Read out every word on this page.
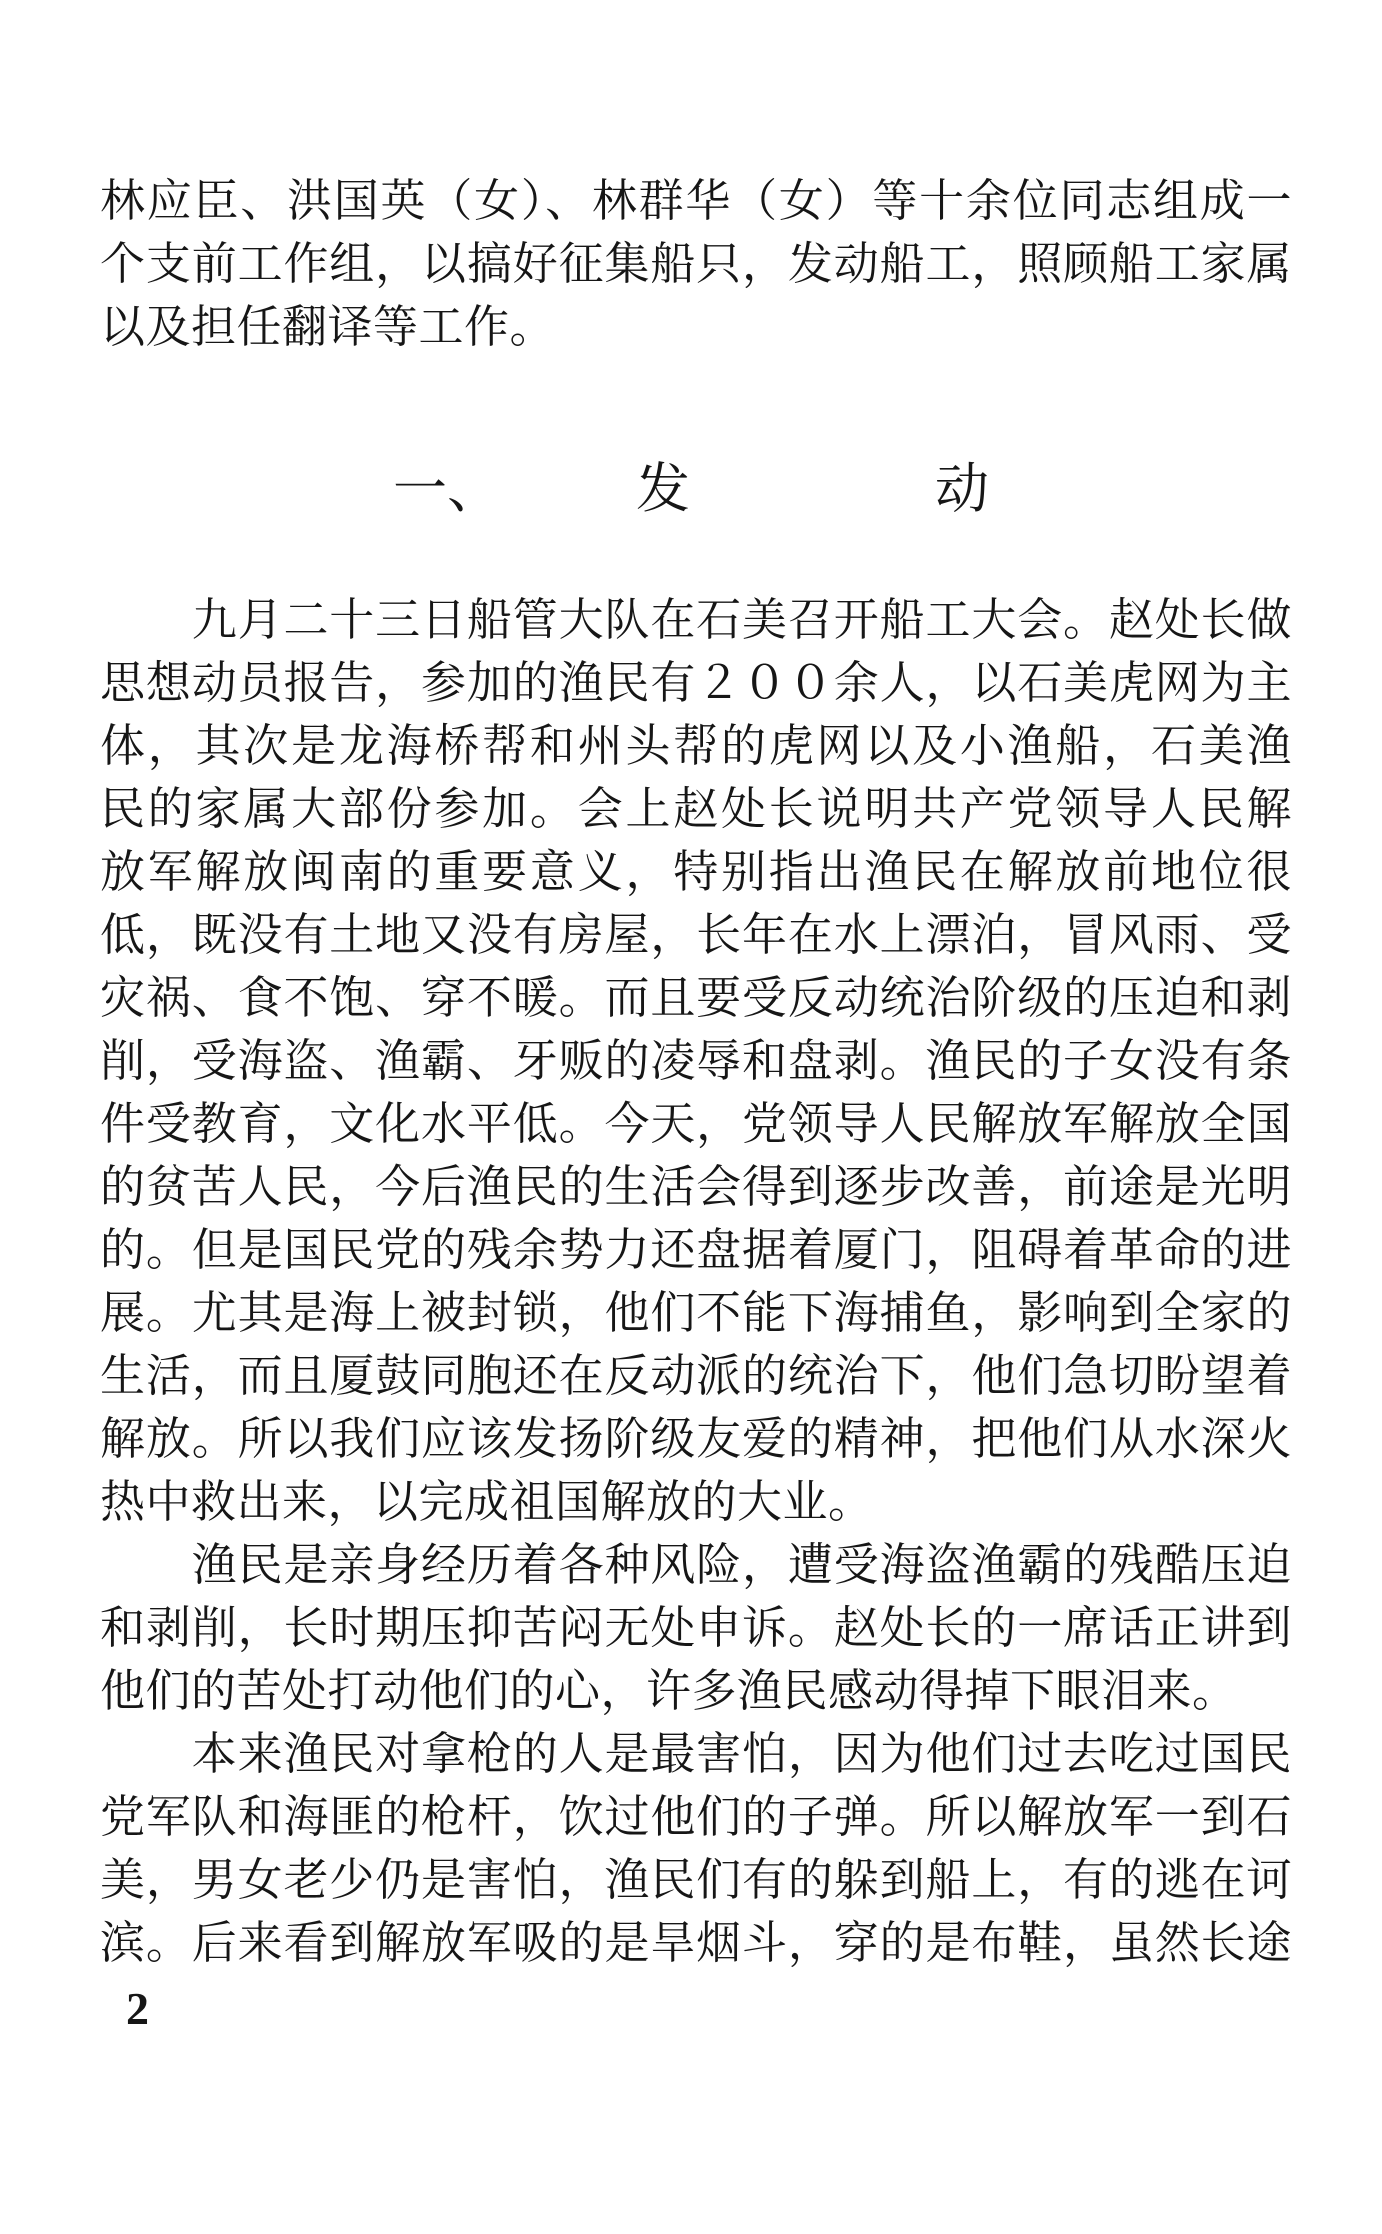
林应臣、洪国英（女）、林群华（女）等十余位同志组成一
个支前工作组，以搞好征集船只，发动船工，照顾船工家属
以及担任翻译等工作。
一、	发	动
　　九月二十三日船管大队在石美召开船工大会。赵处长做
思想动员报告，参加的渔民有２００余人，以石美虎网为主
体，其次是龙海桥帮和州头帮的虎网以及小渔船，石美渔
民的家属大部份参加。会上赵处长说明共产党领导人民解
放军解放闽南的重要意义，特别指出渔民在解放前地位很
低，既没有土地又没有房屋，长年在水上漂泊，冒风雨、受
灾祸、食不饱、穿不暖。而且要受反动统治阶级的压迫和剥
削，受海盗、渔霸、牙贩的凌辱和盘剥。渔民的子女没有条
件受教育，文化水平低。今天，党领导人民解放军解放全国
的贫苦人民，今后渔民的生活会得到逐步改善，前途是光明
的。但是国民党的残余势力还盘据着厦门，阻碍着革命的进
展。尤其是海上被封锁，他们不能下海捕鱼，影响到全家的
生活，而且厦鼓同胞还在反动派的统治下，他们急切盼望着
解放。所以我们应该发扬阶级友爱的精神，把他们从水深火
热中救出来，以完成祖国解放的大业。
　　渔民是亲身经历着各种风险，遭受海盗渔霸的残酷压迫
和剥削，长时期压抑苦闷无处申诉。赵处长的一席话正讲到
他们的苦处打动他们的心，许多渔民感动得掉下眼泪来。
　　本来渔民对拿枪的人是最害怕，因为他们过去吃过国民
党军队和海匪的枪杆，饮过他们的子弹。所以解放军一到石
美，男女老少仍是害怕，渔民们有的躲到船上，有的逃在诃
滨。后来看到解放军吸的是旱烟斗，穿的是布鞋，虽然长途
2
